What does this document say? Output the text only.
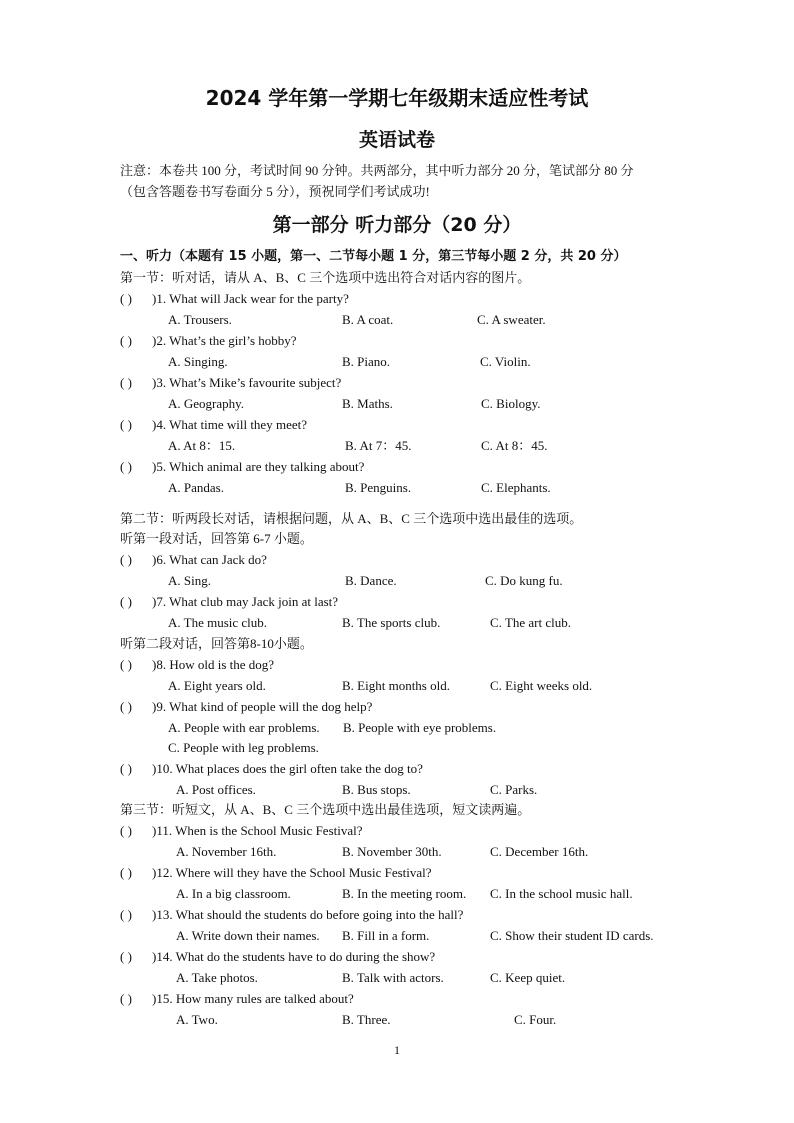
2024 学年第一学期七年级期末适应性考试
英语试卷
注意：本卷共 100 分，考试时间 90 分钟。共两部分，其中听力部分 20 分，笔试部分 80 分
（包含答题卷书写卷面分 5 分），预祝同学们考试成功!
第一部分 听力部分（20 分）
一、听力（本题有 15 小题，第一、二节每小题 1 分，第三节每小题 2 分，共 20 分）
第一节：听对话，请从 A、B、C 三个选项中选出符合对话内容的图片。
( ) )1. What will Jack wear for the party?
A. Trousers.	B. A coat.	C. A sweater.
( ) )2. What’s the girl’s hobby?
A. Singing.	B. Piano.	C. Violin.
( ) )3. What’s Mike’s favourite subject?
A. Geography.	B. Maths.	C. Biology.
( ) )4. What time will they meet?
A. At 8：15.	B. At 7：45.	C. At 8：45.
( ) )5. Which animal are they talking about?
A. Pandas.	B. Penguins.	C. Elephants.
第二节：听两段长对话，请根据问题，从 A、B、C 三个选项中选出最佳的选项。
听第一段对话，回答第 6-7 小题。
( ) )6. What can Jack do?
A. Sing.	B. Dance.	C. Do kung fu.
( ) )7. What club may Jack join at last?
A. The music club.	B. The sports club.	C. The art club.
听第二段对话，回答第8-10小题。
( ) )8. How old is the dog?
A. Eight years old.	B. Eight months old.	C. Eight weeks old.
( ) )9. What kind of people will the dog help?
A. People with ear problems. B. People with eye problems.
C. People with leg problems.
( ) )10. What places does the girl often take the dog to?
A. Post offices.	B. Bus stops.	C. Parks.
第三节：听短文，从 A、B、C 三个选项中选出最佳选项，短文读两遍。
( ) )11. When is the School Music Festival?
A. November 16th.	B. November 30th.	C. December 16th.
( ) )12. Where will they have the School Music Festival?
A. In a big classroom.	B. In the meeting room. C. In the school music hall.
( ) )13. What should the students do before going into the hall?
A. Write down their names. B. Fill in a form.	C. Show their student ID cards.
( ) )14. What do the students have to do during the show?
A. Take photos.	B. Talk with actors.	C. Keep quiet.
( ) )15. How many rules are talked about?
A. Two.	B. Three.	C. Four.
1
